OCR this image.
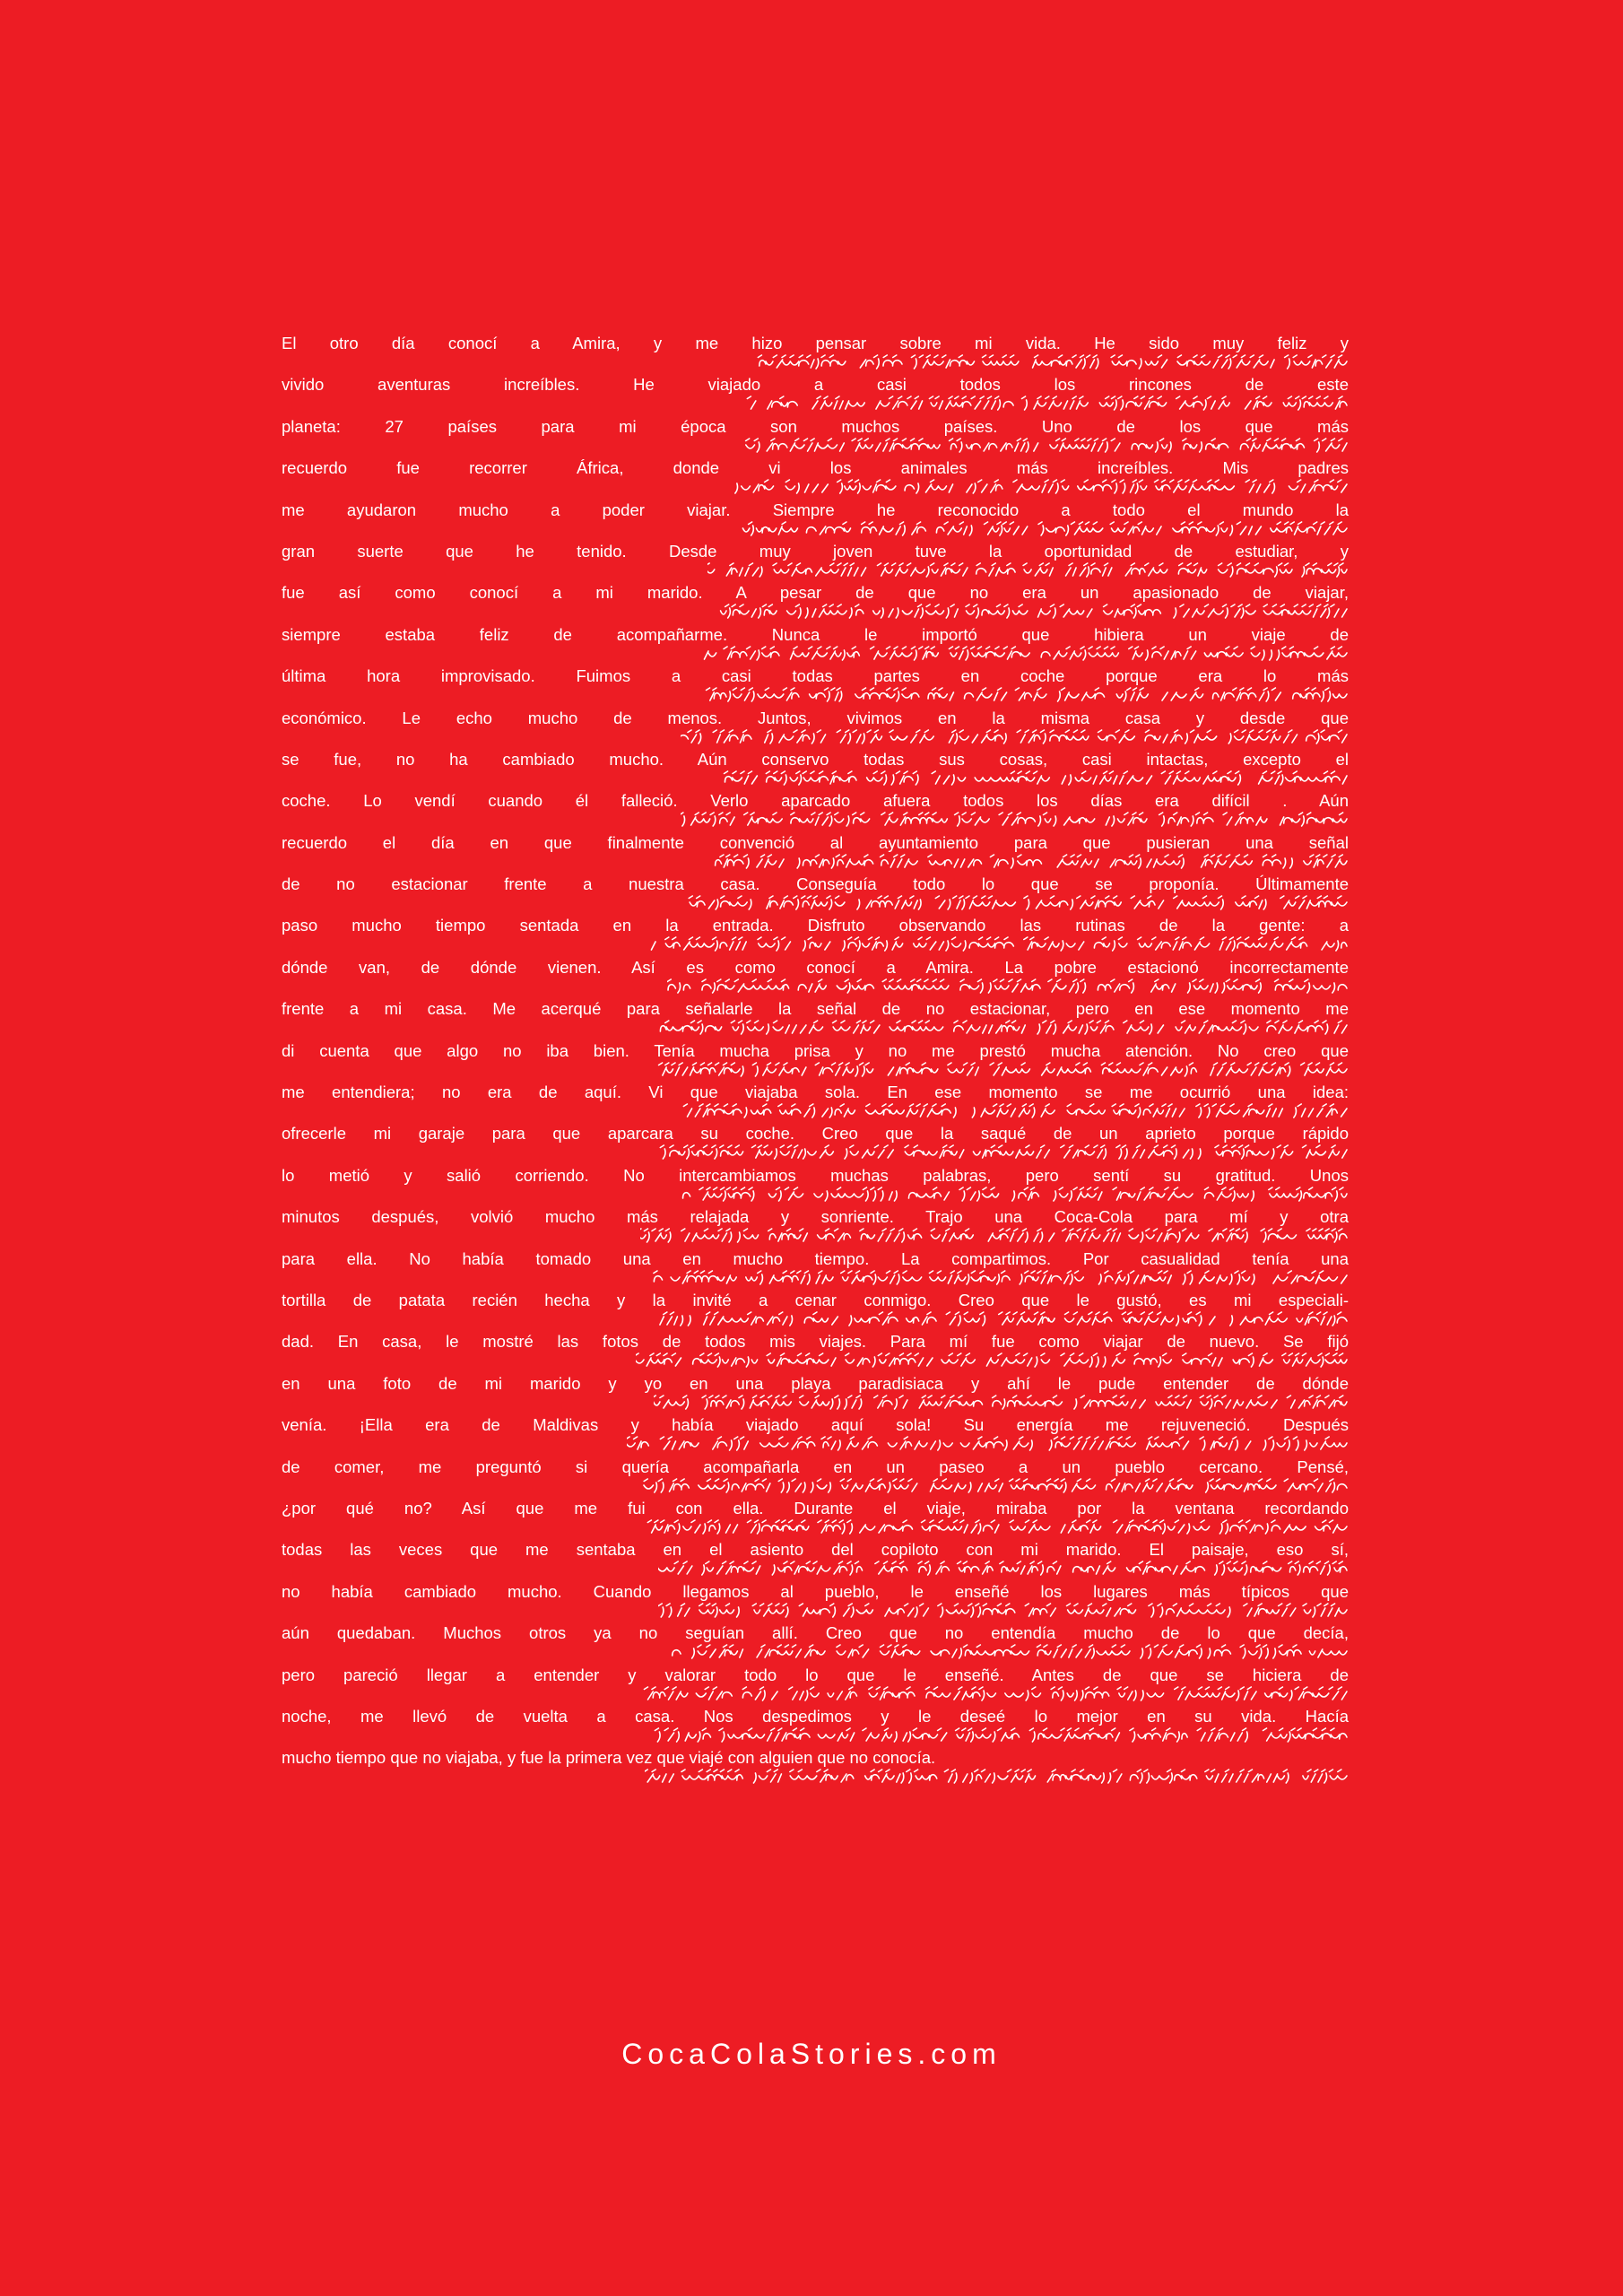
El otro día conocí a Amira, y me hizo pensar sobre mi vida. He sido muy feliz y
vivido aventuras increíbles. He viajado a casi todos los rincones de este
planeta: 27 países para mi época son muchos países. Uno de los que más
recuerdo fue recorrer África, donde vi los animales más increíbles. Mis padres
me ayudaron mucho a poder viajar. Siempre he reconocido a todo el mundo la
gran suerte que he tenido. Desde muy joven tuve la oportunidad de estudiar, y
fue así como conocí a mi marido. A pesar de que no era un apasionado de viajar,
siempre estaba feliz de acompañarme. Nunca le importó que hibiera un viaje de
última hora improvisado. Fuimos a casi todas partes en coche porque era lo más
económico. Le echo mucho de menos. Juntos, vivimos en la misma casa y desde que
se fue, no ha cambiado mucho. Aún conservo todas sus cosas, casi intactas, excepto el
coche. Lo vendí cuando él falleció. Verlo aparcado afuera todos los días era difícil . Aún
recuerdo el día en que finalmente convenció al ayuntamiento para que pusieran una señal
de no estacionar frente a nuestra casa. Conseguía todo lo que se proponía. Últimamente
paso mucho tiempo sentada en la entrada. Disfruto observando las rutinas de la gente: a
dónde van, de dónde vienen. Así es como conocí a Amira. La pobre estacionó incorrectamente
frente a mi casa. Me acerqué para señalarle la señal de no estacionar, pero en ese momento me
di cuenta que algo no iba bien. Tenía mucha prisa y no me prestó mucha atención. No creo que
me entendiera; no era de aquí. Vi que viajaba sola. En ese momento se me ocurrió una idea:
ofrecerle mi garaje para que aparcara su coche. Creo que la saqué de un aprieto porque rápido
lo metió y salió corriendo. No intercambiamos muchas palabras, pero sentí su gratitud. Unos
minutos después, volvió mucho más relajada y sonriente. Trajo una Coca-Cola para mí y otra
para ella. No había tomado una en mucho tiempo. La compartimos. Por casualidad tenía una
tortilla de patata recién hecha y la invité a cenar conmigo. Creo que le gustó, es mi especiali-
dad. En casa, le mostré las fotos de todos mis viajes. Para mí fue como viajar de nuevo. Se fijó
en una foto de mi marido y yo en una playa paradisiaca y ahí le pude entender de dónde
venía. ¡Ella era de Maldivas y había viajado aquí sola! Su energía me rejuveneció. Después
de comer, me preguntó si quería acompañarla en un paseo a un pueblo cercano. Pensé,
¿por qué no? Así que me fui con ella. Durante el viaje, miraba por la ventana recordando
todas las veces que me sentaba en el asiento del copiloto con mi marido. El paisaje, eso sí,
no había cambiado mucho. Cuando llegamos al pueblo, le enseñé los lugares más típicos que
aún quedaban. Muchos otros ya no seguían allí. Creo que no entendía mucho de lo que decía,
pero pareció llegar a entender y valorar todo lo que le enseñé. Antes de que se hiciera de
noche, me llevó de vuelta a casa. Nos despedimos y le deseé lo mejor en su vida. Hacía
mucho tiempo que no viajaba, y fue la primera vez que viajé con alguien que no conocía.
CocaColaStories.com
